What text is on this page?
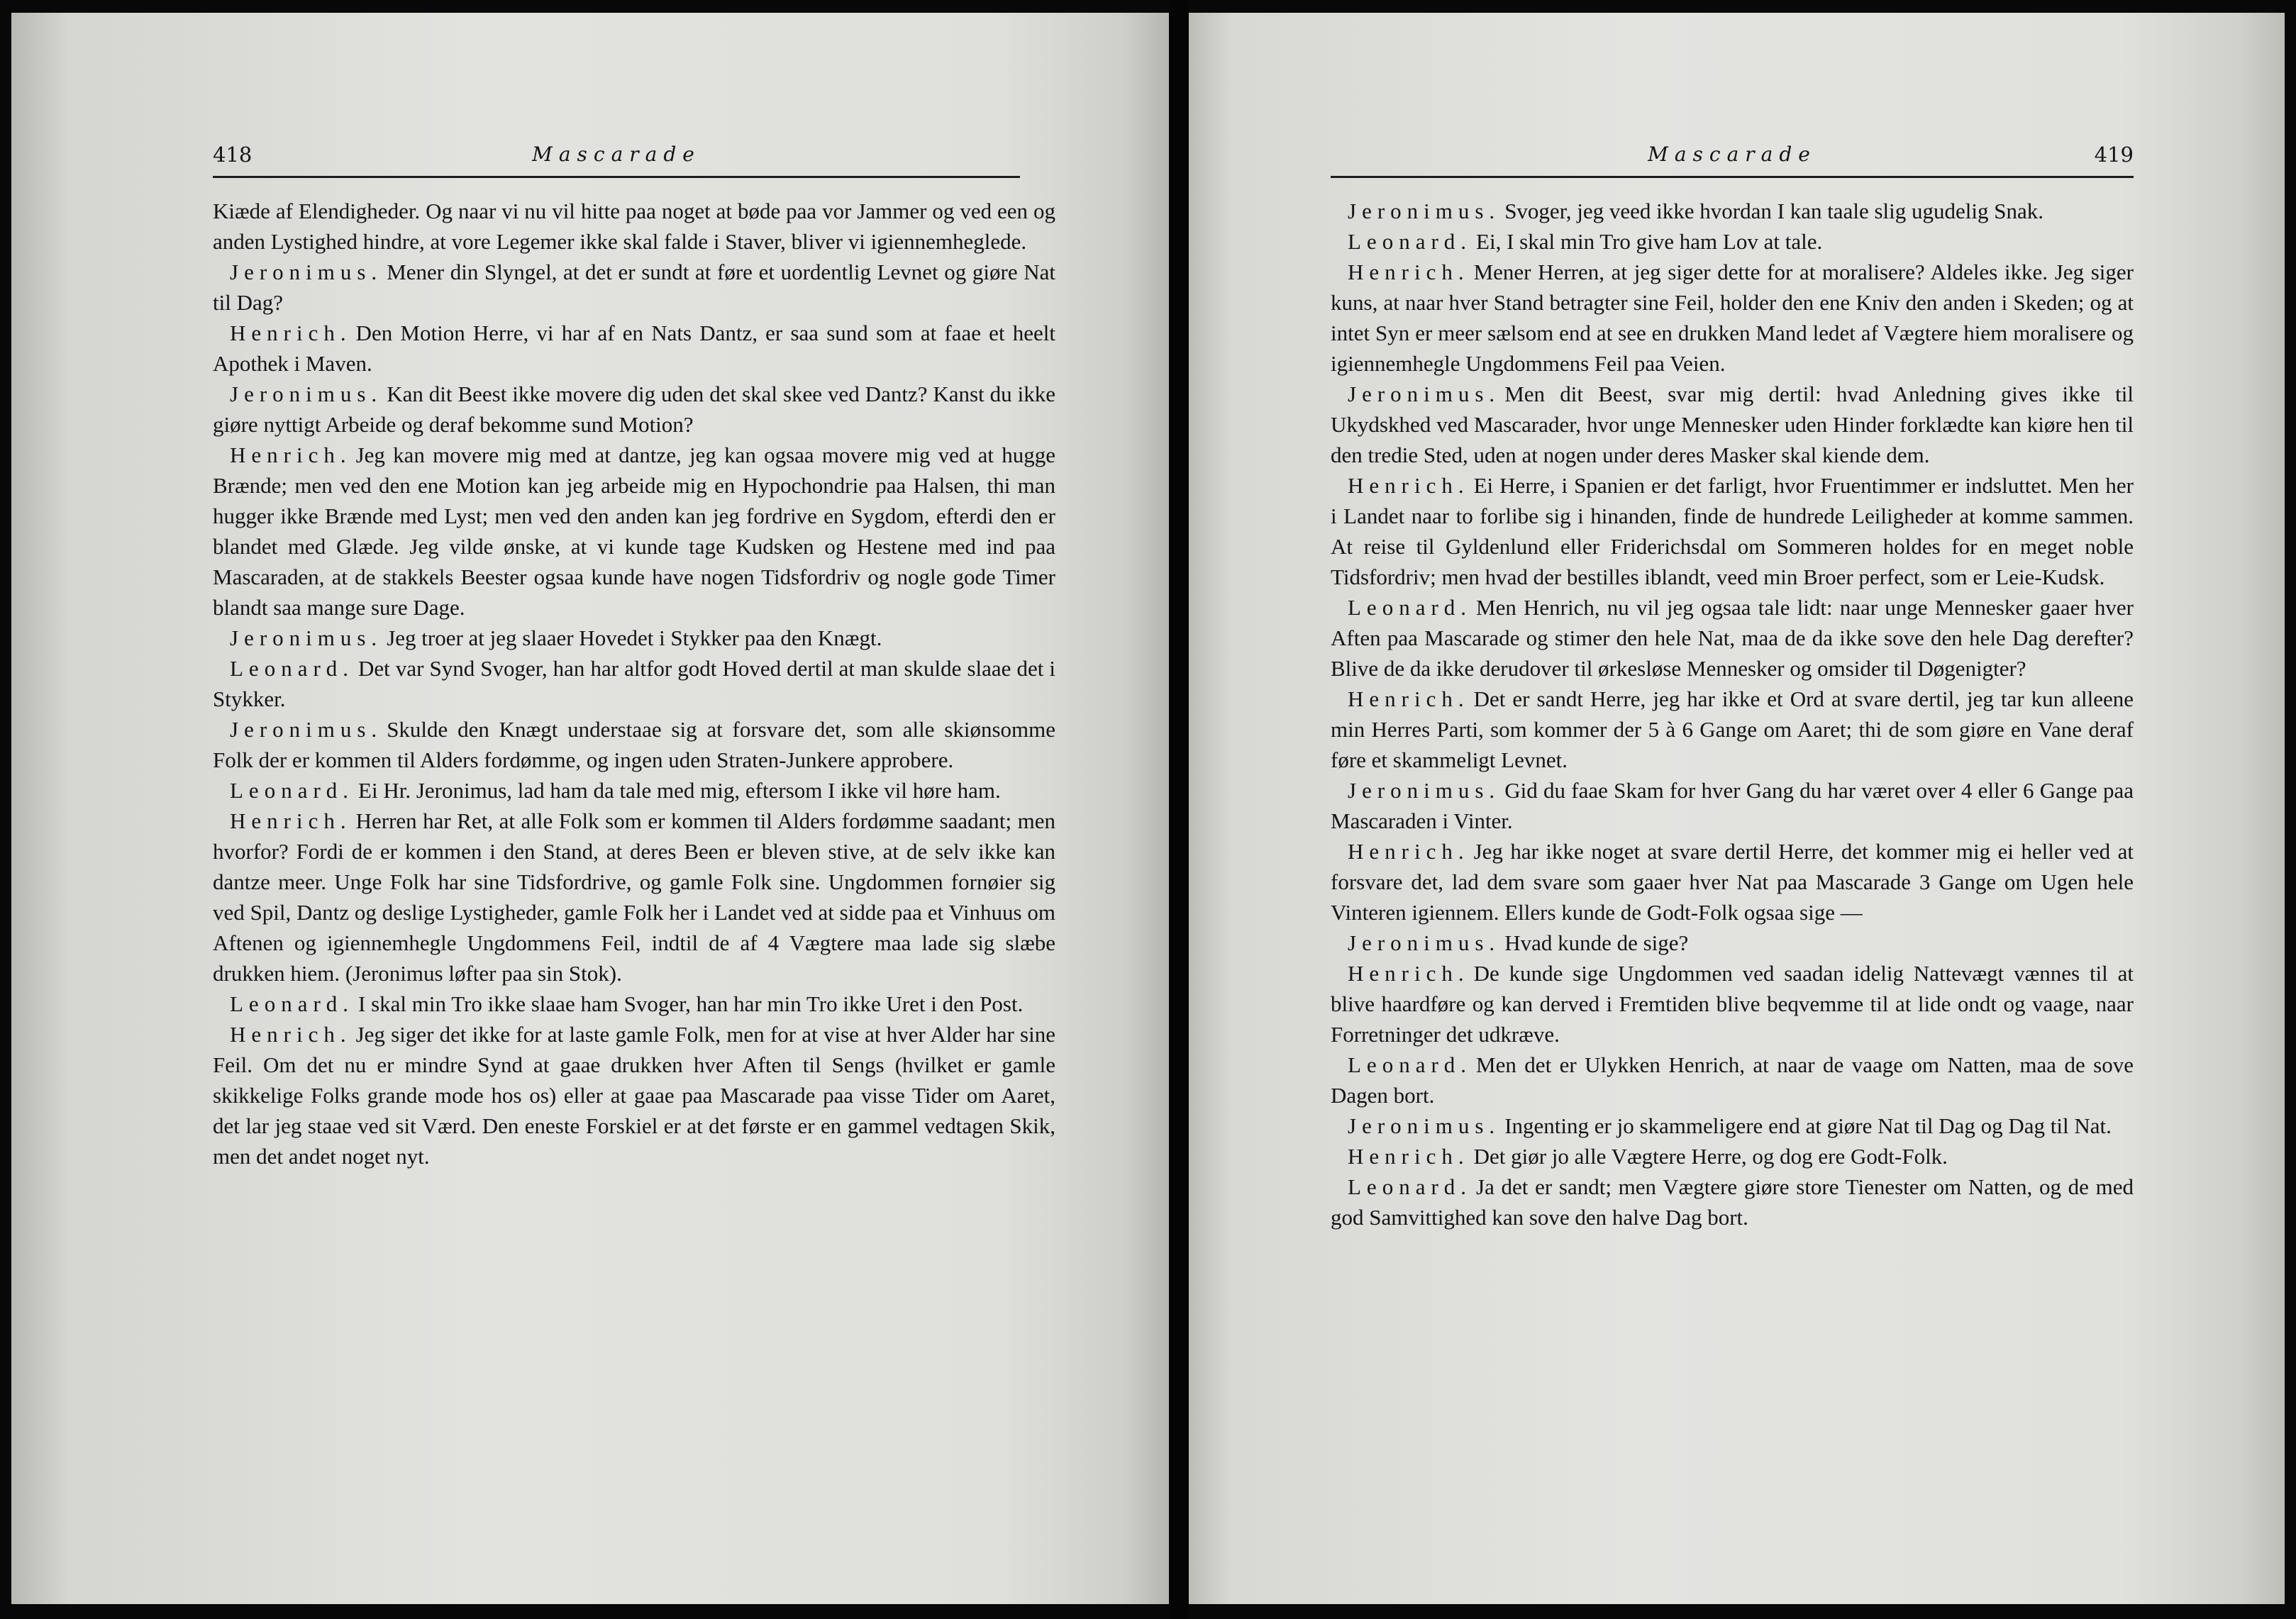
418	Mascarade

Kiæde af Elendigheder. Og naar vi nu vil hitte paa noget at bøde paa vor Jammer og ved een og anden Lystighed hindre, at vore Legemer ikke skal falde i Staver, bliver vi igiennemheglede.

Jeronimus. Mener din Slyngel, at det er sundt at føre et uordentlig Levnet og giøre Nat til Dag?

Henrich. Den Motion Herre, vi har af en Nats Dantz, er saa sund som at faae et heelt Apothek i Maven.

Jeronimus. Kan dit Beest ikke movere dig uden det skal skee ved Dantz? Kanst du ikke giøre nyttigt Arbeide og deraf bekomme sund Motion?

Henrich. Jeg kan movere mig med at dantze, jeg kan ogsaa movere mig ved at hugge Brænde; men ved den ene Motion kan jeg arbeide mig en Hypochondrie paa Halsen, thi man hugger ikke Brænde med Lyst; men ved den anden kan jeg fordrive en Sygdom, efterdi den er blandet med Glæde. Jeg vilde ønske, at vi kunde tage Kudsken og Hestene med ind paa Mascaraden, at de stakkels Beester ogsaa kunde have nogen Tidsfordriv og nogle gode Timer blandt saa mange sure Dage.

Jeronimus. Jeg troer at jeg slaaer Hovedet i Stykker paa den Knægt.

Leonard. Det var Synd Svoger, han har altfor godt Hoved dertil at man skulde slaae det i Stykker.

Jeronimus. Skulde den Knægt understaae sig at forsvare det, som alle skiønsomme Folk der er kommen til Alders fordømme, og ingen uden Straten-Junkere approbere.

Leonard. Ei Hr. Jeronimus, lad ham da tale med mig, eftersom I ikke vil høre ham.

Henrich. Herren har Ret, at alle Folk som er kommen til Alders fordømme saadant; men hvorfor? Fordi de er kommen i den Stand, at deres Been er bleven stive, at de selv ikke kan dantze meer. Unge Folk har sine Tidsfordrive, og gamle Folk sine. Ungdommen fornøier sig ved Spil, Dantz og deslige Lystigheder, gamle Folk her i Landet ved at sidde paa et Vinhuus om Aftenen og igiennemhegle Ungdommens Feil, indtil de af 4 Vægtere maa lade sig slæbe drukken hiem. (Jeronimus løfter paa sin Stok).

Leonard. I skal min Tro ikke slaae ham Svoger, han har min Tro ikke Uret i den Post.

Henrich. Jeg siger det ikke for at laste gamle Folk, men for at vise at hver Alder har sine Feil. Om det nu er mindre Synd at gaae drukken hver Aften til Sengs (hvilket er gamle skikkelige Folks grande mode hos os) eller at gaae paa Mascarade paa visse Tider om Aaret, det lar jeg staae ved sit Værd. Den eneste Forskiel er at det første er en gammel vedtagen Skik, men det andet noget nyt.

Mascarade	419

Jeronimus. Svoger, jeg veed ikke hvordan I kan taale slig ugudelig Snak.

Leonard. Ei, I skal min Tro give ham Lov at tale.

Henrich. Mener Herren, at jeg siger dette for at moralisere? Aldeles ikke. Jeg siger kuns, at naar hver Stand betragter sine Feil, holder den ene Kniv den anden i Skeden; og at intet Syn er meer sælsom end at see en drukken Mand ledet af Vægtere hiem moralisere og igiennemhegle Ungdommens Feil paa Veien.

Jeronimus. Men dit Beest, svar mig dertil: hvad Anledning gives ikke til Ukydskhed ved Mascarader, hvor unge Mennesker uden Hinder forklædte kan kiøre hen til den tredie Sted, uden at nogen under deres Masker skal kiende dem.

Henrich. Ei Herre, i Spanien er det farligt, hvor Fruentimmer er indsluttet. Men her i Landet naar to forlibe sig i hinanden, finde de hundrede Leiligheder at komme sammen. At reise til Gyldenlund eller Friderichsdal om Sommeren holdes for en meget noble Tidsfordriv; men hvad der bestilles iblandt, veed min Broer perfect, som er Leie-Kudsk.

Leonard. Men Henrich, nu vil jeg ogsaa tale lidt: naar unge Mennesker gaaer hver Aften paa Mascarade og stimer den hele Nat, maa de da ikke sove den hele Dag derefter? Blive de da ikke derudover til ørkesløse Mennesker og omsider til Døgenigter?

Henrich. Det er sandt Herre, jeg har ikke et Ord at svare dertil, jeg tar kun alleene min Herres Parti, som kommer der 5 à 6 Gange om Aaret; thi de som giøre en Vane deraf føre et skammeligt Levnet.

Jeronimus. Gid du faae Skam for hver Gang du har været over 4 eller 6 Gange paa Mascaraden i Vinter.

Henrich. Jeg har ikke noget at svare dertil Herre, det kommer mig ei heller ved at forsvare det, lad dem svare som gaaer hver Nat paa Mascarade 3 Gange om Ugen hele Vinteren igiennem. Ellers kunde de Godt-Folk ogsaa sige —

Jeronimus. Hvad kunde de sige?

Henrich. De kunde sige Ungdommen ved saadan idelig Nattevægt vænnes til at blive haardføre og kan derved i Fremtiden blive beqvemme til at lide ondt og vaage, naar Forretninger det udkræve.

Leonard. Men det er Ulykken Henrich, at naar de vaage om Natten, maa de sove Dagen bort.

Jeronimus. Ingenting er jo skammeligere end at giøre Nat til Dag og Dag til Nat.

Henrich. Det giør jo alle Vægtere Herre, og dog ere Godt-Folk.

Leonard. Ja det er sandt; men Vægtere giøre store Tienester om Natten, og de med god Samvittighed kan sove den halve Dag bort.
